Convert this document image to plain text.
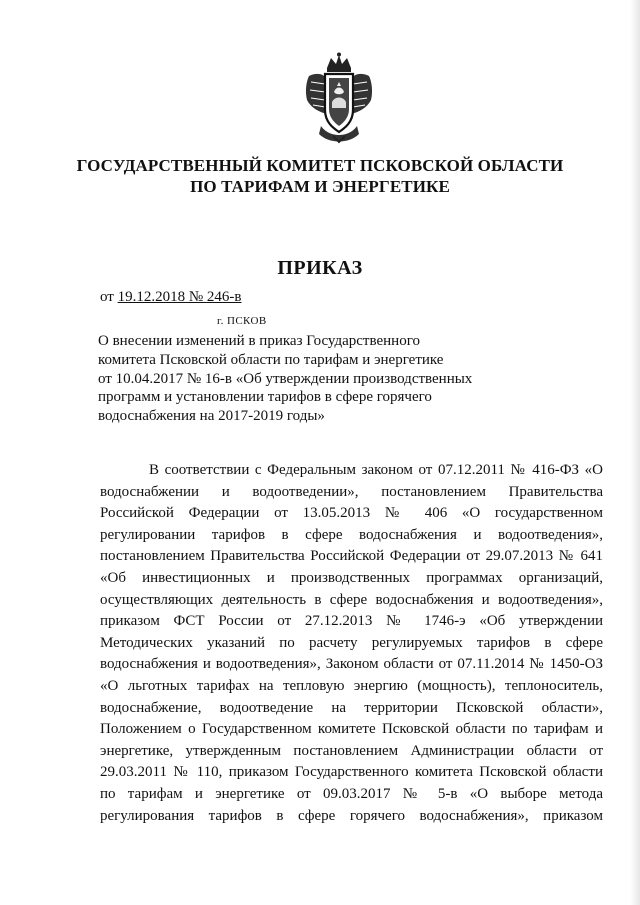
ГОСУДАРСТВЕННЫЙ КОМИТЕТ ПСКОВСКОЙ ОБЛАСТИ
ПО ТАРИФАМ И ЭНЕРГЕТИКЕ
ПРИКАЗ
от 19.12.2018 № 246-в
г. ПСКОВ
О внесении изменений в приказ Государственного
комитета Псковской области по тарифам и энергетике
от 10.04.2017 № 16-в «Об утверждении производственных
программ и установлении тарифов в сфере горячего
водоснабжения на 2017-2019 годы»
В соответствии с Федеральным законом от 07.12.2011 № 416-ФЗ «О
водоснабжении и водоотведении», постановлением Правительства
Российской Федерации от 13.05.2013 № 406 «О государственном
регулировании тарифов в сфере водоснабжения и водоотведения»,
постановлением Правительства Российской Федерации от 29.07.2013 № 641
«Об инвестиционных и производственных программах организаций,
осуществляющих деятельность в сфере водоснабжения и водоотведения»,
приказом ФСТ России от 27.12.2013 № 1746-э «Об утверждении
Методических указаний по расчету регулируемых тарифов в сфере
водоснабжения и водоотведения», Законом области от 07.11.2014 № 1450-ОЗ
«О льготных тарифах на тепловую энергию (мощность), теплоноситель,
водоснабжение, водоотведение на территории Псковской области»,
Положением о Государственном комитете Псковской области по тарифам и
энергетике, утвержденным постановлением Администрации области от
29.03.2011 № 110, приказом Государственного комитета Псковской области
по тарифам и энергетике от 09.03.2017 № 5-в «О выборе метода
регулирования тарифов в сфере горячего водоснабжения», приказом
